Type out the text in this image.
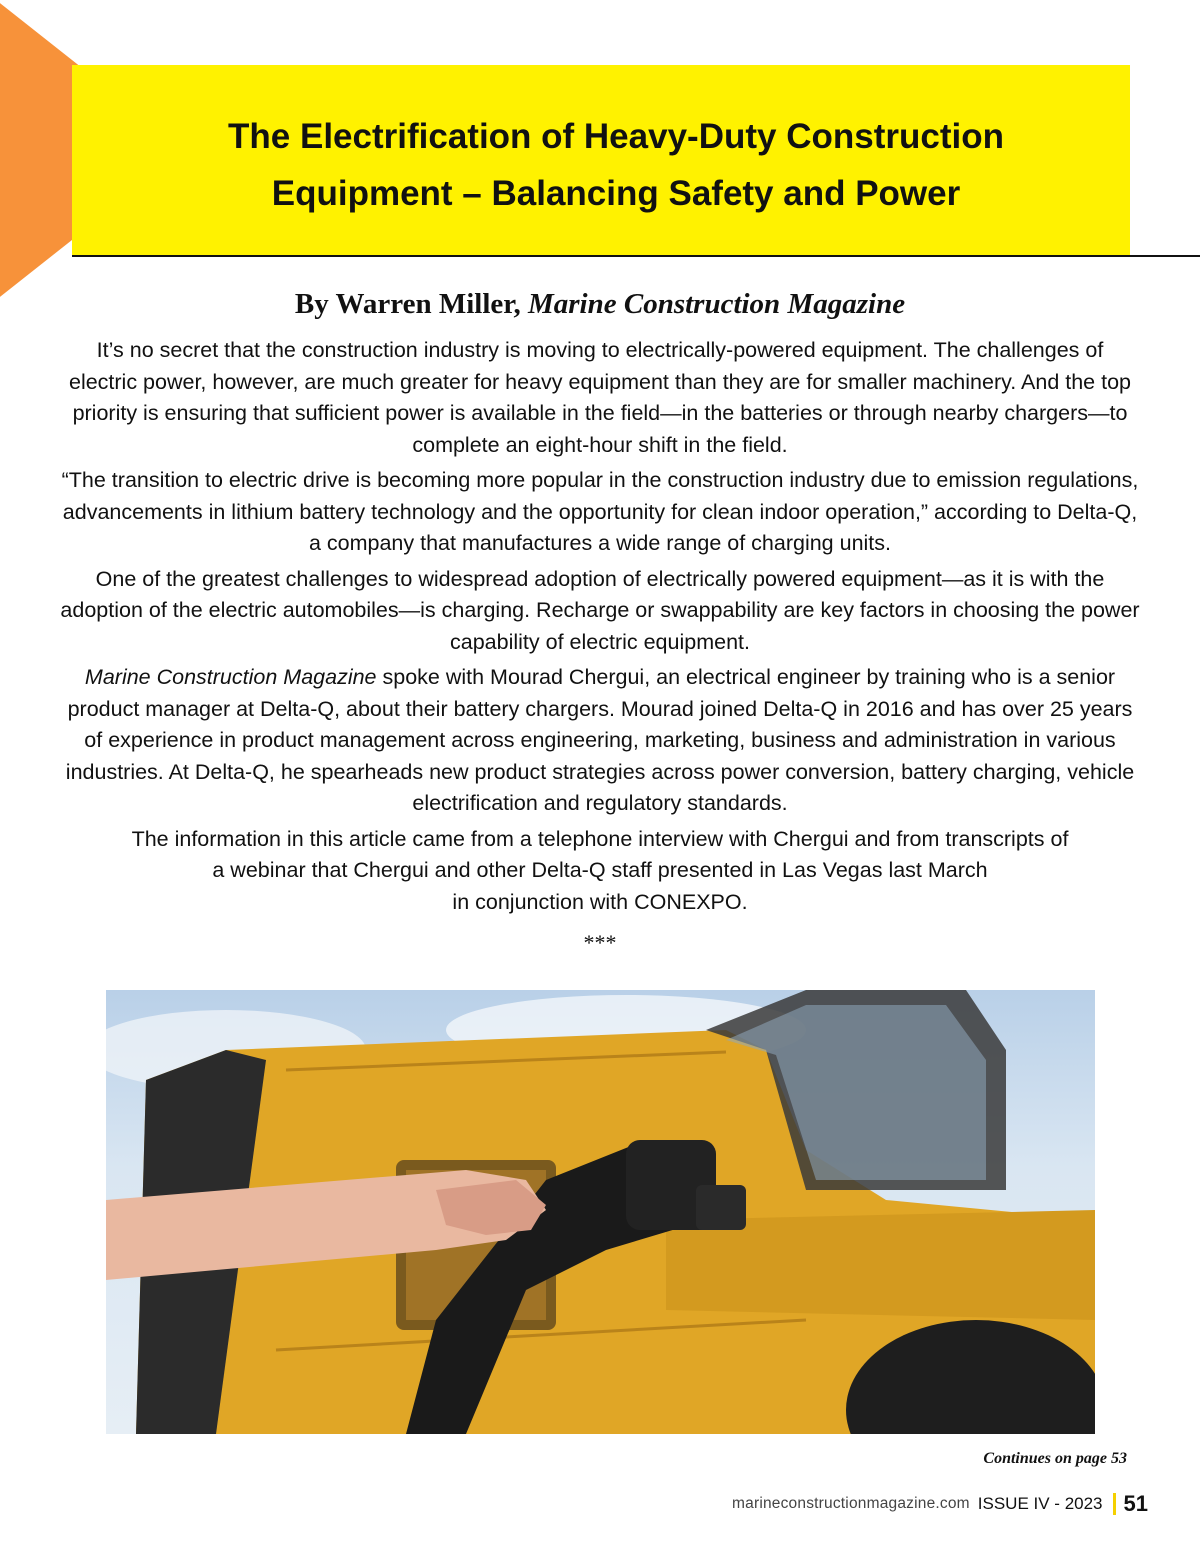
The Electrification of Heavy-Duty Construction
Equipment – Balancing Safety and Power
By Warren Miller, Marine Construction Magazine

It’s no secret that the construction industry is moving to electrically-powered equipment. The challenges of electric power, however, are much greater for heavy equipment than they are for smaller machinery. And the top priority is ensuring that sufficient power is available in the field—in the batteries or through nearby chargers—to complete an eight-hour shift in the field.

“The transition to electric drive is becoming more popular in the construction industry due to emission regulations, advancements in lithium battery technology and the opportunity for clean indoor operation,” according to Delta-Q, a company that manufactures a wide range of charging units.

One of the greatest challenges to widespread adoption of electrically powered equipment—as it is with the adoption of the electric automobiles—is charging. Recharge or swappability are key factors in choosing the power capability of electric equipment.

Marine Construction Magazine spoke with Mourad Chergui, an electrical engineer by training who is a senior product manager at Delta-Q, about their battery chargers. Mourad joined Delta-Q in 2016 and has over 25 years of experience in product management across engineering, marketing, business and administration in various industries. At Delta-Q, he spearheads new product strategies across power conversion, battery charging, vehicle electrification and regulatory standards.

The information in this article came from a telephone interview with Chergui and from transcripts of
a webinar that Chergui and other Delta-Q staff presented in Las Vegas last March
in conjunction with CONEXPO.

***
Continues on page 53
marineconstructionmagazine.com ISSUE IV - 2023 51
